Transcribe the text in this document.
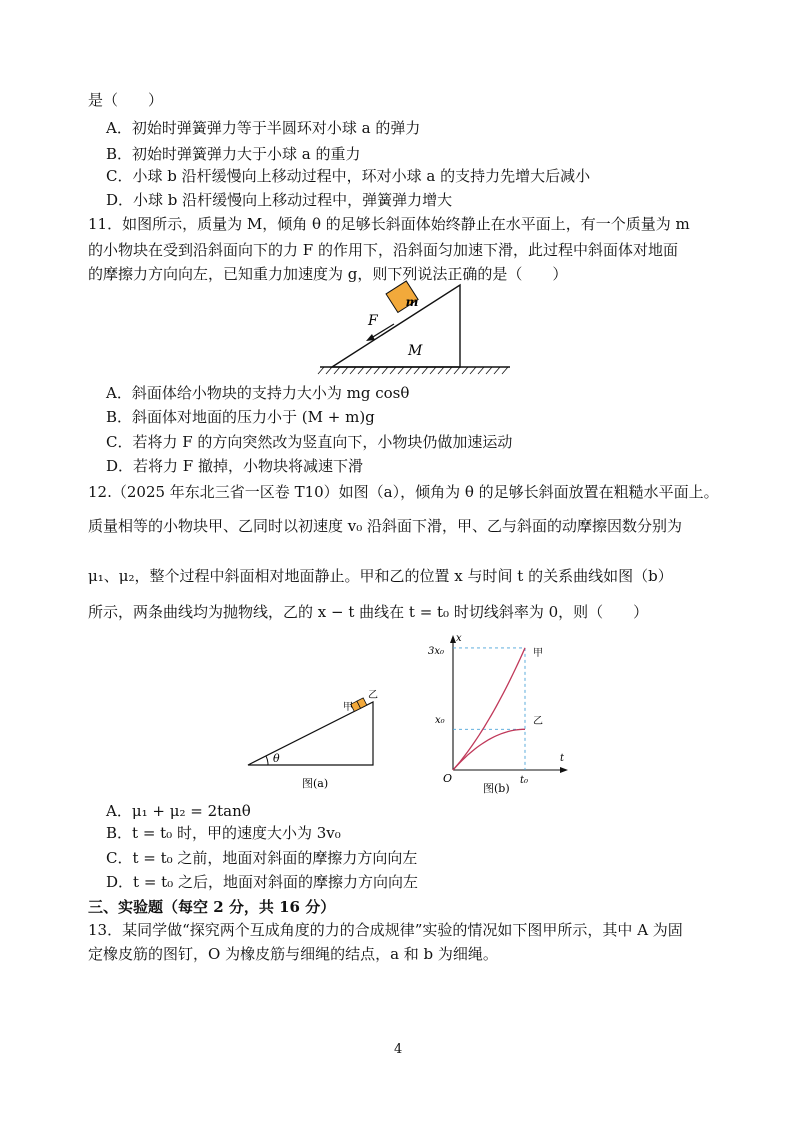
是（　　）
A．初始时弹簧弹力等于半圆环对小球 a 的弹力
B．初始时弹簧弹力大于小球 a 的重力
C．小球 b 沿杆缓慢向上移动过程中，环对小球 a 的支持力先增大后减小
D．小球 b 沿杆缓慢向上移动过程中，弹簧弹力增大
11．如图所示，质量为 M，倾角 θ 的足够长斜面体始终静止在水平面上，有一个质量为 m
的小物块在受到沿斜面向下的力 F 的作用下，沿斜面匀加速下滑，此过程中斜面体对地面
的摩擦力方向向左，已知重力加速度为 g，则下列说法正确的是（　　）
m
F
M
A．斜面体给小物块的支持力大小为 mg cosθ
B．斜面体对地面的压力小于 (M + m)g
C．若将力 F 的方向突然改为竖直向下，小物块仍做加速运动
D．若将力 F 撤掉，小物块将减速下滑
12.（2025 年东北三省一区卷 T10）如图（a），倾角为 θ 的足够长斜面放置在粗糙水平面上。
质量相等的小物块甲、乙同时以初速度 v₀ 沿斜面下滑，甲、乙与斜面的动摩擦因数分别为
μ₁、μ₂，整个过程中斜面相对地面静止。甲和乙的位置 x 与时间 t 的关系曲线如图（b）
所示，两条曲线均为抛物线，乙的 x − t 曲线在 t = t₀ 时切线斜率为 0，则（　　）
θ
甲
乙
图(a)
x
t
O
3x₀
x₀
t₀
甲
乙
图(b)
A．μ₁ + μ₂ = 2tanθ
B．t = t₀ 时，甲的速度大小为 3v₀
C．t = t₀ 之前，地面对斜面的摩擦力方向向左
D．t = t₀ 之后，地面对斜面的摩擦力方向向左
三、实验题（每空 2 分，共 16 分）
13．某同学做“探究两个互成角度的力的合成规律”实验的情况如下图甲所示，其中 A 为固
定橡皮筋的图钉，O 为橡皮筋与细绳的结点，a 和 b 为细绳。
4
